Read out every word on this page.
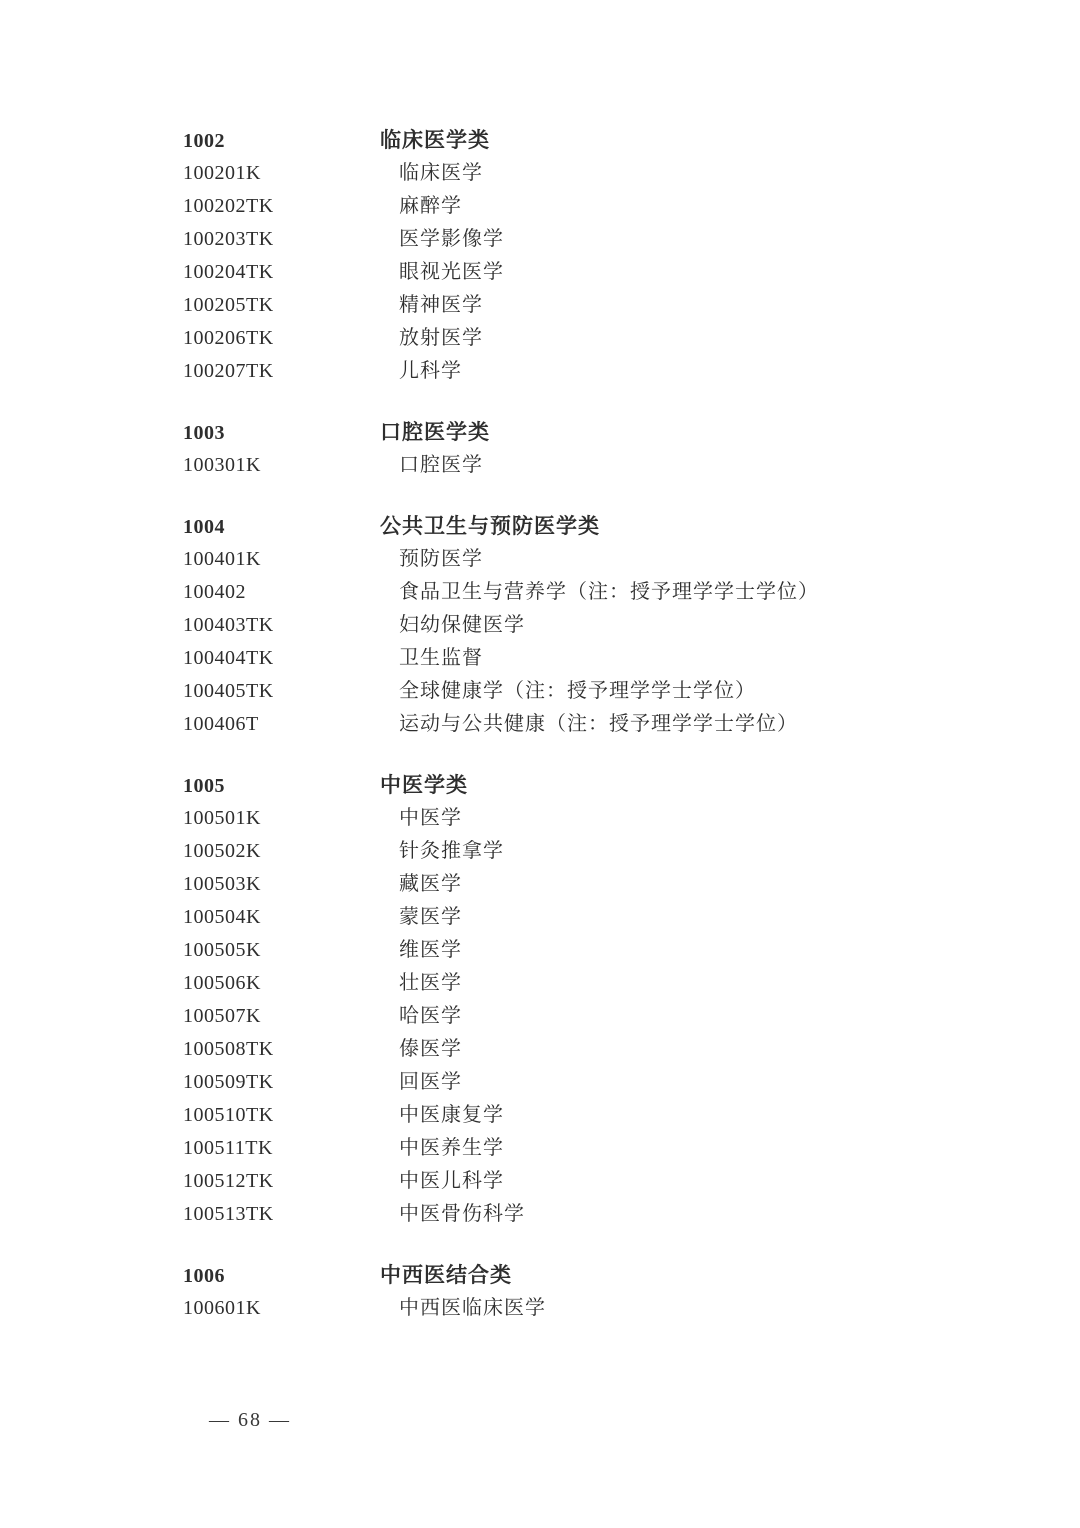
1002	临床医学类
100201K	临床医学
100202TK	麻醉学
100203TK	医学影像学
100204TK	眼视光医学
100205TK	精神医学
100206TK	放射医学
100207TK	儿科学
1003	口腔医学类
100301K	口腔医学
1004	公共卫生与预防医学类
100401K	预防医学
100402	食品卫生与营养学（注：授予理学学士学位）
100403TK	妇幼保健医学
100404TK	卫生监督
100405TK	全球健康学（注：授予理学学士学位）
100406T	运动与公共健康（注：授予理学学士学位）
1005	中医学类
100501K	中医学
100502K	针灸推拿学
100503K	藏医学
100504K	蒙医学
100505K	维医学
100506K	壮医学
100507K	哈医学
100508TK	傣医学
100509TK	回医学
100510TK	中医康复学
100511TK	中医养生学
100512TK	中医儿科学
100513TK	中医骨伤科学
1006	中西医结合类
100601K	中西医临床医学
— 68 —
